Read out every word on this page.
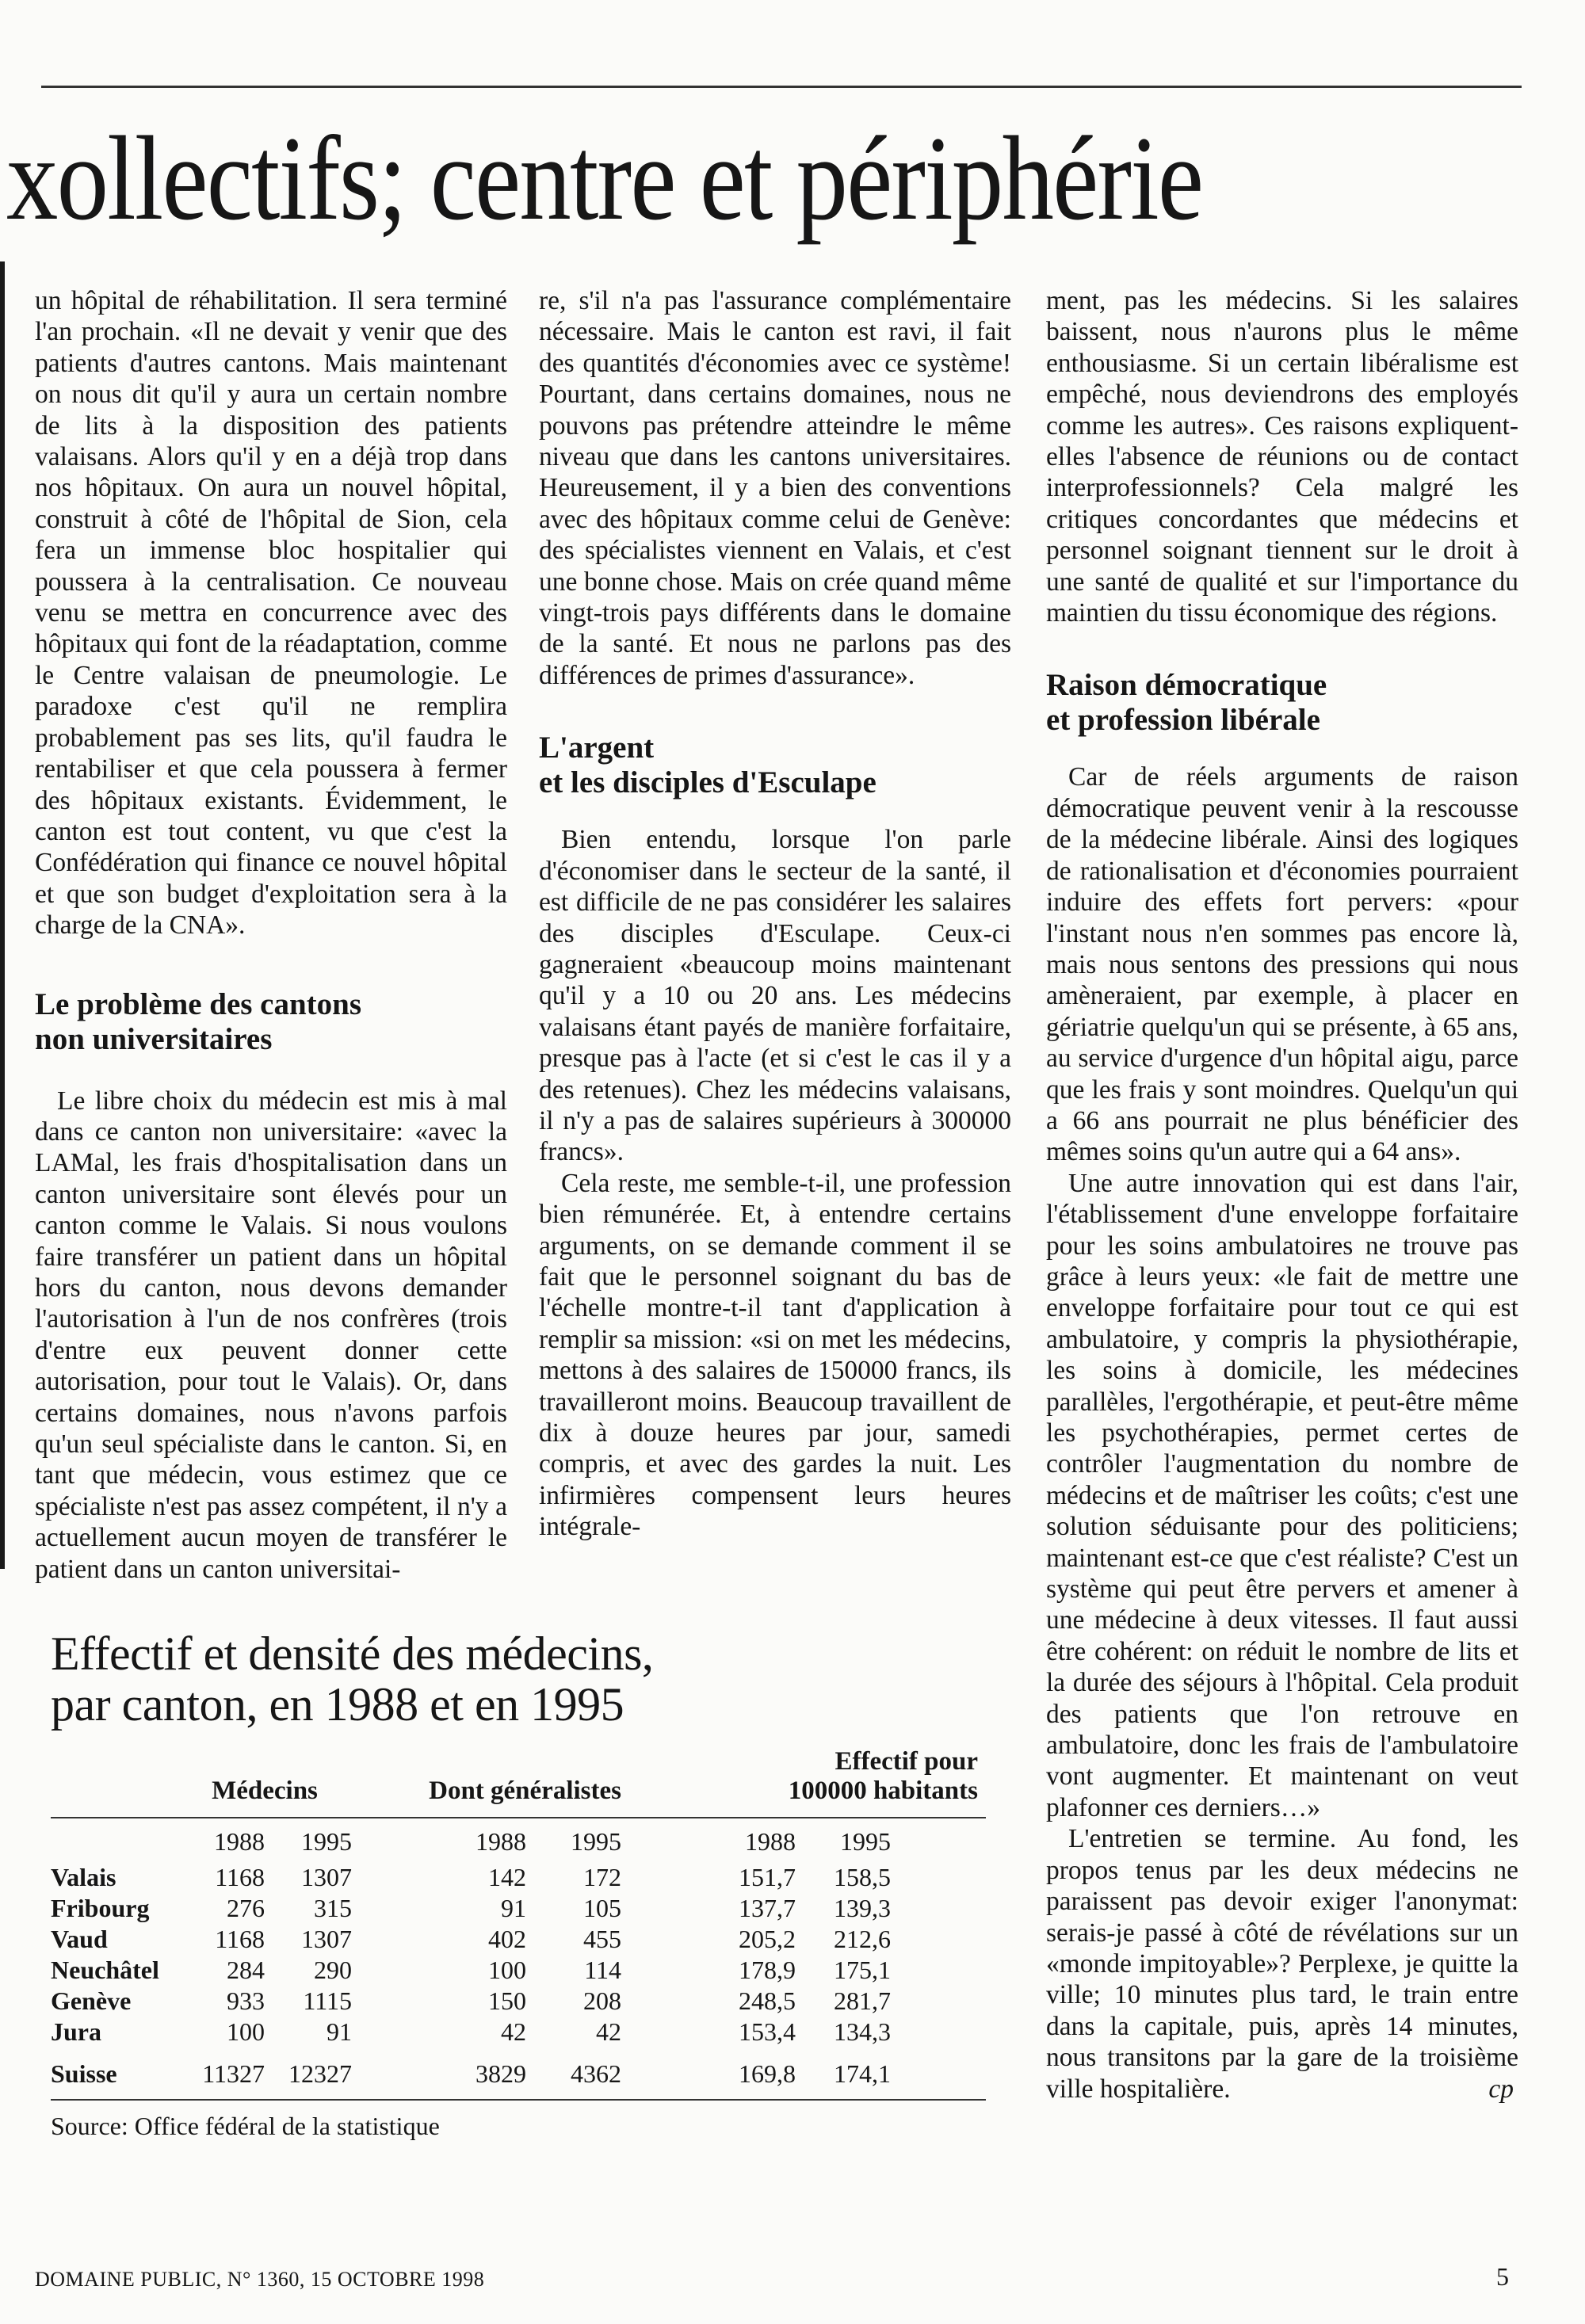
xollectifs; centre et périphérie

un hôpital de réhabilitation. Il sera terminé l'an prochain. «Il ne devait y venir que des patients d'autres cantons. Mais maintenant on nous dit qu'il y aura un certain nombre de lits à la disposition des patients valaisans. Alors qu'il y en a déjà trop dans nos hôpitaux. On aura un nouvel hôpital, construit à côté de l'hôpital de Sion, cela fera un immense bloc hospitalier qui poussera à la centralisation. Ce nouveau venu se mettra en concurrence avec des hôpitaux qui font de la réadaptation, comme le Centre valaisan de pneumologie. Le paradoxe c'est qu'il ne remplira probablement pas ses lits, qu'il faudra le rentabiliser et que cela poussera à fermer des hôpitaux existants. Évidemment, le canton est tout content, vu que c'est la Confédération qui finance ce nouvel hôpital et que son budget d'exploitation sera à la charge de la CNA».

Le problème des cantons
non universitaires

Le libre choix du médecin est mis à mal dans ce canton non universitaire: «avec la LAMal, les frais d'hospitalisation dans un canton universitaire sont élevés pour un canton comme le Valais. Si nous voulons faire transférer un patient dans un hôpital hors du canton, nous devons demander l'autorisation à l'un de nos confrères (trois d'entre eux peuvent donner cette autorisation, pour tout le Valais). Or, dans certains domaines, nous n'avons parfois qu'un seul spécialiste dans le canton. Si, en tant que médecin, vous estimez que ce spécialiste n'est pas assez compétent, il n'y a actuellement aucun moyen de transférer le patient dans un canton universitai-

re, s'il n'a pas l'assurance complémentaire nécessaire. Mais le canton est ravi, il fait des quantités d'économies avec ce système! Pourtant, dans certains domaines, nous ne pouvons pas prétendre atteindre le même niveau que dans les cantons universitaires. Heureusement, il y a bien des conventions avec des hôpitaux comme celui de Genève: des spécialistes viennent en Valais, et c'est une bonne chose. Mais on crée quand même vingt-trois pays différents dans le domaine de la santé. Et nous ne parlons pas des différences de primes d'assurance».

L'argent
et les disciples d'Esculape

Bien entendu, lorsque l'on parle d'économiser dans le secteur de la santé, il est difficile de ne pas considérer les salaires des disciples d'Esculape. Ceux-ci gagneraient «beaucoup moins maintenant qu'il y a 10 ou 20 ans. Les médecins valaisans étant payés de manière forfaitaire, presque pas à l'acte (et si c'est le cas il y a des retenues). Chez les médecins valaisans, il n'y a pas de salaires supérieurs à 300000 francs».

Cela reste, me semble-t-il, une profession bien rémunérée. Et, à entendre certains arguments, on se demande comment il se fait que le personnel soignant du bas de l'échelle montre-t-il tant d'application à remplir sa mission: «si on met les médecins, mettons à des salaires de 150000 francs, ils travailleront moins. Beaucoup travaillent de dix à douze heures par jour, samedi compris, et avec des gardes la nuit. Les infirmières compensent leurs heures intégrale-

ment, pas les médecins. Si les salaires baissent, nous n'aurons plus le même enthousiasme. Si un certain libéralisme est empêché, nous deviendrons des employés comme les autres». Ces raisons expliquent-elles l'absence de réunions ou de contact interprofessionnels? Cela malgré les critiques concordantes que médecins et personnel soignant tiennent sur le droit à une santé de qualité et sur l'importance du maintien du tissu économique des régions.

Raison démocratique
et profession libérale

Car de réels arguments de raison démocratique peuvent venir à la rescousse de la médecine libérale. Ainsi des logiques de rationalisation et d'économies pourraient induire des effets fort pervers: «pour l'instant nous n'en sommes pas encore là, mais nous sentons des pressions qui nous amèneraient, par exemple, à placer en gériatrie quelqu'un qui se présente, à 65 ans, au service d'urgence d'un hôpital aigu, parce que les frais y sont moindres. Quelqu'un qui a 66 ans pourrait ne plus bénéficier des mêmes soins qu'un autre qui a 64 ans».

Une autre innovation qui est dans l'air, l'établissement d'une enveloppe forfaitaire pour les soins ambulatoires ne trouve pas grâce à leurs yeux: «le fait de mettre une enveloppe forfaitaire pour tout ce qui est ambulatoire, y compris la physiothérapie, les soins à domicile, les médecines parallèles, l'ergothérapie, et peut-être même les psychothérapies, permet certes de contrôler l'augmentation du nombre de médecins et de maîtriser les coûts; c'est une solution séduisante pour des politiciens; maintenant est-ce que c'est réaliste? C'est un système qui peut être pervers et amener à une médecine à deux vitesses. Il faut aussi être cohérent: on réduit le nombre de lits et la durée des séjours à l'hôpital. Cela produit des patients que l'on retrouve en ambulatoire, donc les frais de l'ambulatoire vont augmenter. Et maintenant on veut plafonner ces derniers…»

L'entretien se termine. Au fond, les propos tenus par les deux médecins ne paraissent pas devoir exiger l'anonymat: serais-je passé à côté de révélations sur un «monde impitoyable»? Perplexe, je quitte la ville; 10 minutes plus tard, le train entre dans la capitale, puis, après 14 minutes, nous transitons par la gare de la troisième ville hospitalière.	cp

Effectif et densité des médecins,
par canton, en 1988 et en 1995
	Médecins		Dont généralistes		Effectif pour
100000 habitants		
	1988	1995	1988	1995	1988	1995	
Valais	1168	1307	142	172	151,7	158,5	
Fribourg	276	315	91	105	137,7	139,3	
Vaud	1168	1307	402	455	205,2	212,6	
Neuchâtel	284	290	100	114	178,9	175,1	
Genève	933	1115	150	208	248,5	281,7	
Jura	100	91	42	42	153,4	134,3	
Suisse	11327	12327	3829	4362	169,8	174,1	
Source: Office fédéral de la statistique
DOMAINE PUBLIC, N° 1360, 15 OCTOBRE 1998	5
